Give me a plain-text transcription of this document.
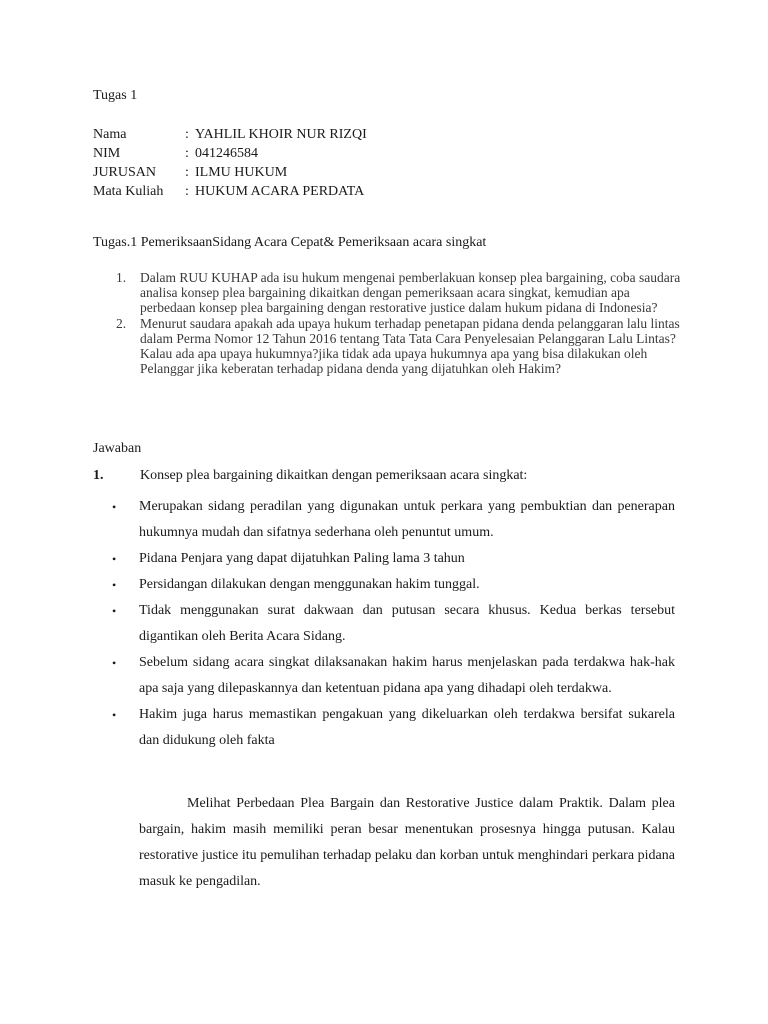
Tugas 1
Nama	: YAHLIL KHOIR NUR RIZQI
NIM	: 041246584
JURUSAN	: ILMU HUKUM
Mata Kuliah	: HUKUM ACARA PERDATA
Tugas.1 PemeriksaanSidang Acara Cepat& Pemeriksaan acara singkat
1.	Dalam RUU KUHAP ada isu hukum mengenai pemberlakuan konsep plea bargaining, coba saudara analisa konsep plea bargaining dikaitkan dengan pemeriksaan acara singkat, kemudian apa perbedaan konsep plea bargaining dengan restorative justice dalam hukum pidana di Indonesia?
2.	Menurut saudara apakah ada upaya hukum terhadap penetapan pidana denda pelanggaran lalu lintas dalam Perma Nomor 12 Tahun 2016 tentang Tata Tata Cara Penyelesaian Pelanggaran Lalu Lintas? Kalau ada apa upaya hukumnya?jika tidak ada upaya hukumnya apa yang bisa dilakukan oleh Pelanggar jika keberatan terhadap pidana denda yang dijatuhkan oleh Hakim?
Jawaban
1.	Konsep plea bargaining dikaitkan dengan pemeriksaan acara singkat:
•	Merupakan sidang peradilan yang digunakan untuk perkara yang pembuktian dan penerapan hukumnya mudah dan sifatnya sederhana oleh penuntut umum.
•	Pidana Penjara yang dapat dijatuhkan Paling lama 3 tahun
•	Persidangan dilakukan dengan menggunakan hakim tunggal.
•	Tidak menggunakan surat dakwaan dan putusan secara khusus. Kedua berkas tersebut digantikan oleh Berita Acara Sidang.
•	Sebelum sidang acara singkat dilaksanakan hakim harus menjelaskan pada terdakwa hak-hak apa saja yang dilepaskannya dan ketentuan pidana apa yang dihadapi oleh terdakwa.
•	Hakim juga harus memastikan pengakuan yang dikeluarkan oleh terdakwa bersifat sukarela dan didukung oleh fakta
Melihat Perbedaan Plea Bargain dan Restorative Justice dalam Praktik. Dalam plea bargain, hakim masih memiliki peran besar menentukan prosesnya hingga putusan. Kalau restorative justice itu pemulihan terhadap pelaku dan korban untuk menghindari perkara pidana masuk ke pengadilan.
